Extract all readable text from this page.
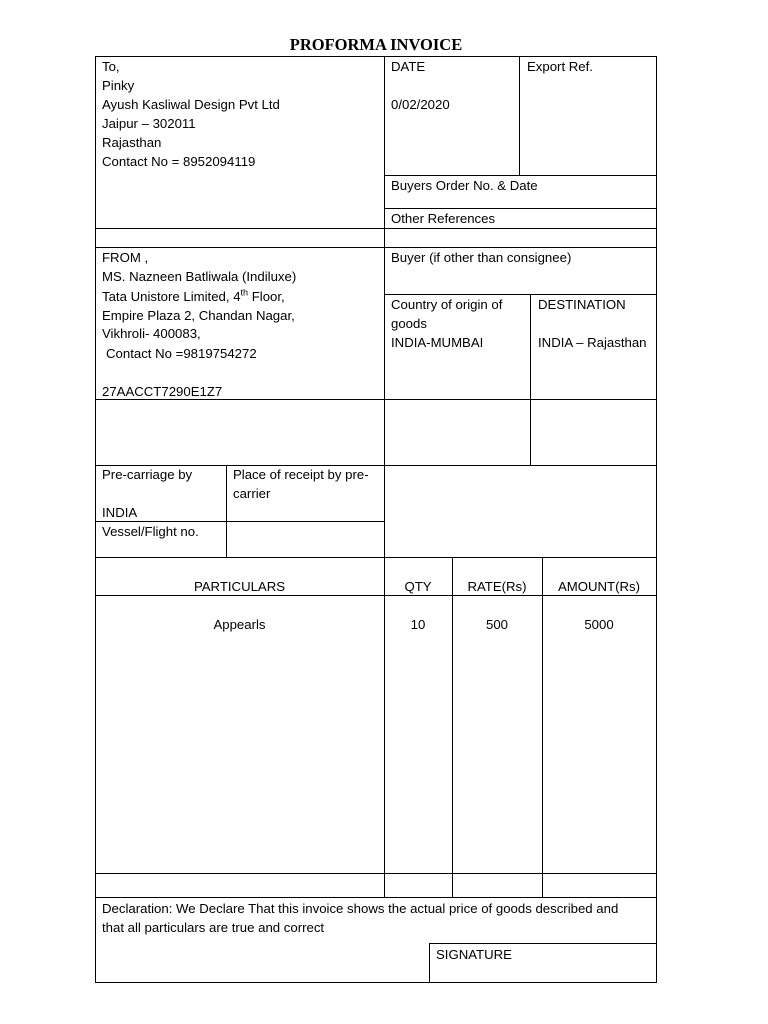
PROFORMA INVOICE
To,
Pinky
Ayush Kasliwal Design Pvt Ltd
Jaipur – 302011
Rajasthan
Contact No = 8952094119
DATE
0/02/2020
Export Ref.
Buyers Order No. & Date
Other References
FROM ,
MS. Nazneen Batliwala (Indiluxe)
Tata Unistore Limited, 4th Floor,
Empire Plaza 2, Chandan Nagar,
Vikhroli- 400083,
Contact No =9819754272
27AACCT7290E1Z7
Buyer (if other than consignee)
Country of origin of
goods
INDIA-MUMBAI
DESTINATION
INDIA – Rajasthan
Pre-carriage by
INDIA
Place of receipt by pre-
carrier
Vessel/Flight no.
PARTICULARS	QTY	RATE(Rs)	AMOUNT(Rs)
Appearls	10	500	5000
Declaration: We Declare That this invoice shows the actual price of goods described and
that all particulars are true and correct
SIGNATURE
